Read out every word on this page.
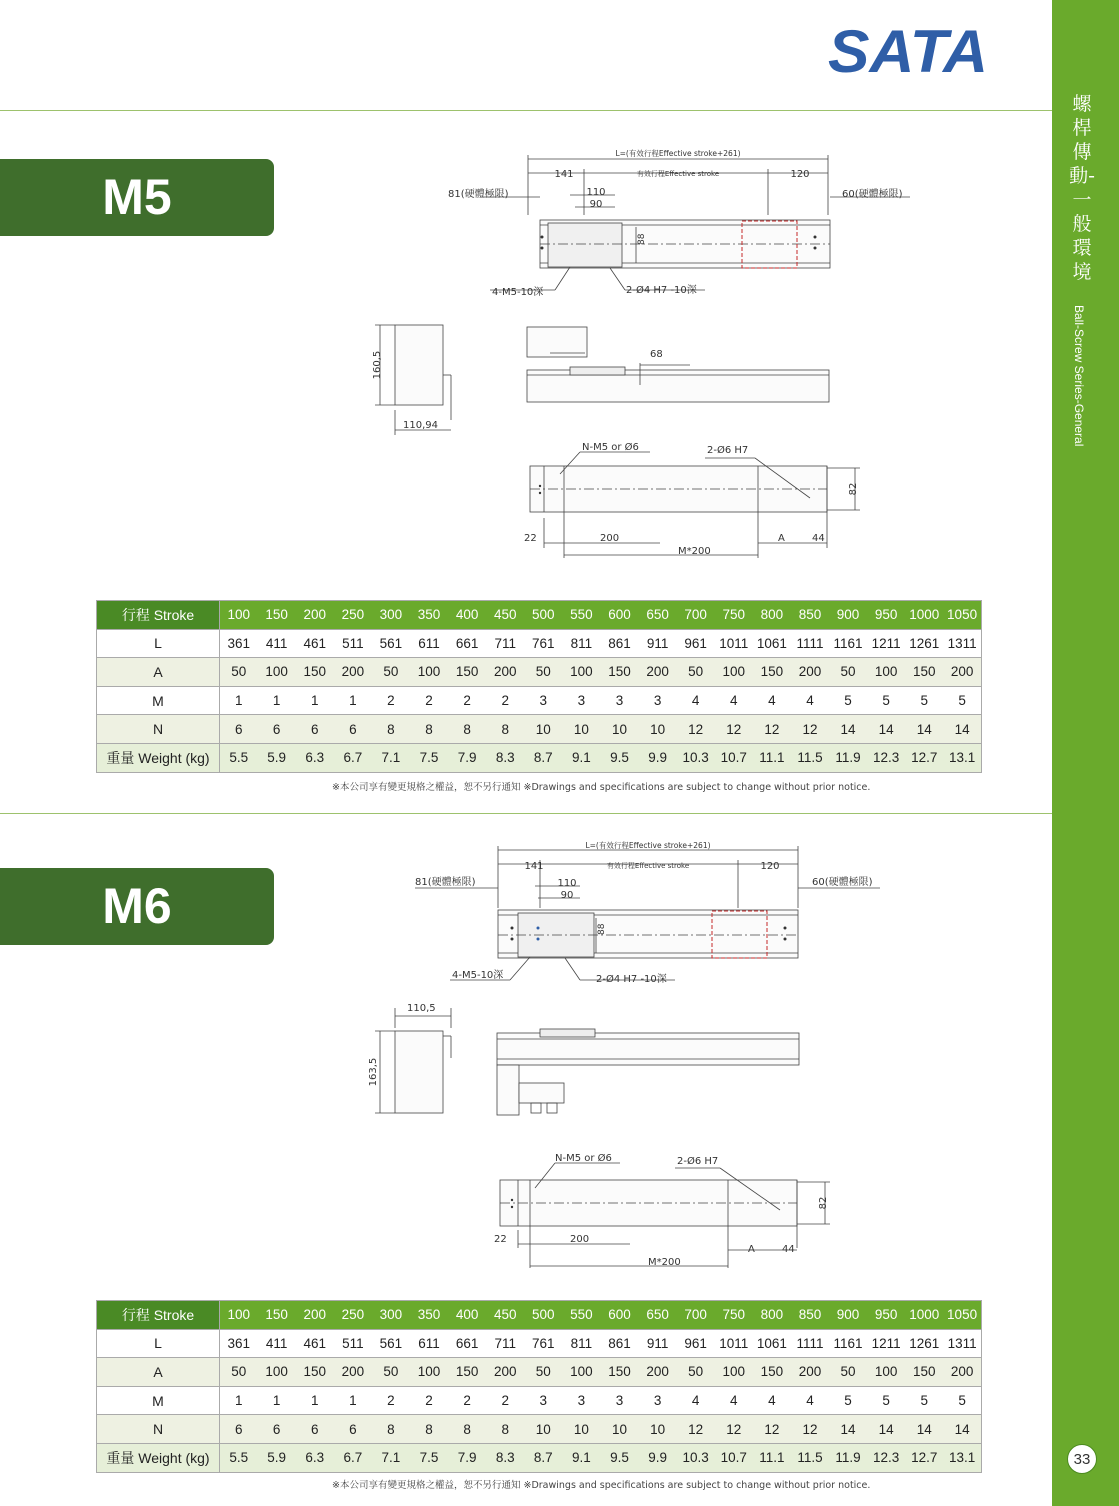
螺桿傳動-一般環境
Ball-Screw Series-General
33
SATA
M5
L=(有效行程Effective stroke+261)
141	有效行程Effective stroke	120
81(硬體極限)	60(硬體極限)
110
90
88
4-M5-10深	2-Ø4 H7 -10深
160,5
110,94
68
N-M5 or Ø6	2-Ø6 H7
82
22	200	A	44
M*200
行程 Stroke	100	150	200	250	300	350	400	450	500	550	600	650	700	750	800	850	900	950	1000	1050
L	361	411	461	511	561	611	661	711	761	811	861	911	961	1011	1061	1111	1161	1211	1261	1311
A	50	100	150	200	50	100	150	200	50	100	150	200	50	100	150	200	50	100	150	200
M	1	1	1	1	2	2	2	2	3	3	3	3	4	4	4	4	5	5	5	5
N	6	6	6	6	8	8	8	8	10	10	10	10	12	12	12	12	14	14	14	14
重量 Weight (kg)	5.5	5.9	6.3	6.7	7.1	7.5	7.9	8.3	8.7	9.1	9.5	9.9	10.3	10.7	11.1	11.5	11.9	12.3	12.7	13.1
※本公司享有變更規格之權益，恕不另行通知 ※Drawings and specifications are subject to change without prior notice.
M6
L=(有效行程Effective stroke+261)
141	有效行程Effective stroke	120
81(硬體極限)	60(硬體極限)
110
90
88
4-M5-10深	2-Ø4 H7 -10深
110,5
163,5
N-M5 or Ø6	2-Ø6 H7
82
22	200
A	44
M*200
行程 Stroke	100	150	200	250	300	350	400	450	500	550	600	650	700	750	800	850	900	950	1000	1050
L	361	411	461	511	561	611	661	711	761	811	861	911	961	1011	1061	1111	1161	1211	1261	1311
A	50	100	150	200	50	100	150	200	50	100	150	200	50	100	150	200	50	100	150	200
M	1	1	1	1	2	2	2	2	3	3	3	3	4	4	4	4	5	5	5	5
N	6	6	6	6	8	8	8	8	10	10	10	10	12	12	12	12	14	14	14	14
重量 Weight (kg)	5.5	5.9	6.3	6.7	7.1	7.5	7.9	8.3	8.7	9.1	9.5	9.9	10.3	10.7	11.1	11.5	11.9	12.3	12.7	13.1
※本公司享有變更規格之權益，恕不另行通知 ※Drawings and specifications are subject to change without prior notice.
